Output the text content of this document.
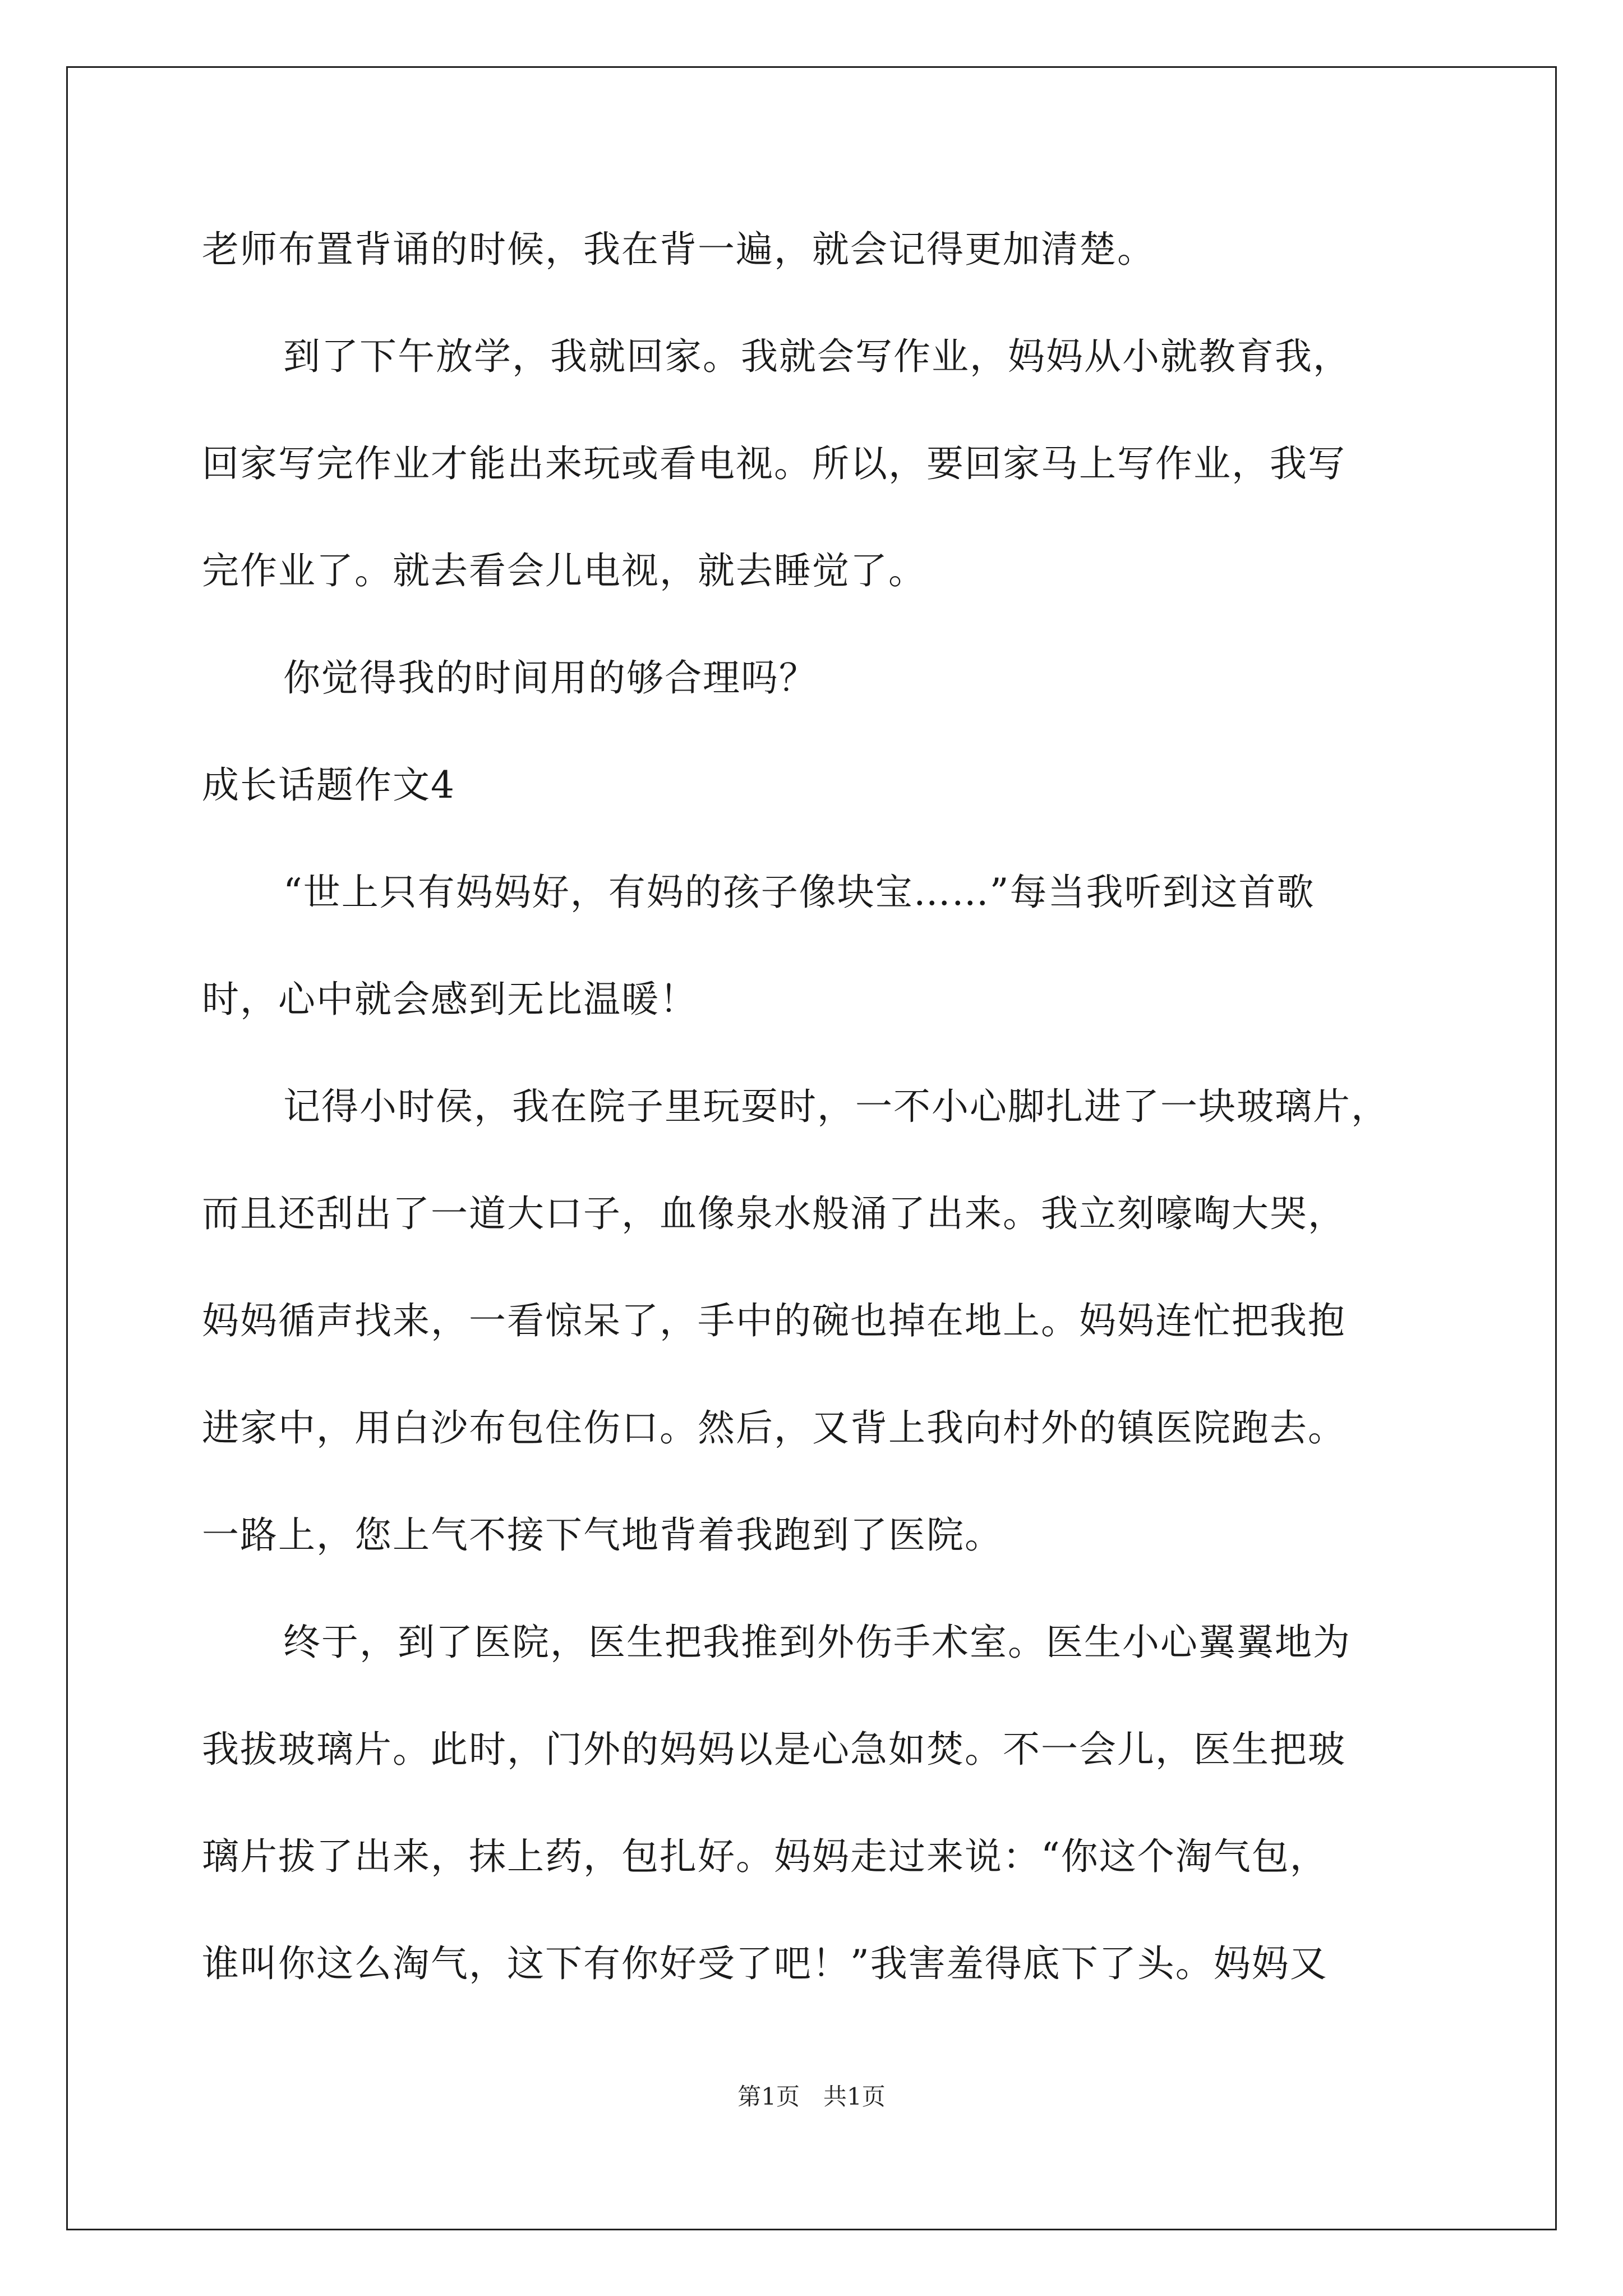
老师布置背诵的时候，我在背一遍，就会记得更加清楚。
到了下午放学，我就回家。我就会写作业，妈妈从小就教育我，
回家写完作业才能出来玩或看电视。所以，要回家马上写作业，我写
完作业了。就去看会儿电视，就去睡觉了。
你觉得我的时间用的够合理吗？
成长话题作文4
“世上只有妈妈好，有妈的孩子像块宝……”每当我听到这首歌
时，心中就会感到无比温暖！
记得小时侯，我在院子里玩耍时，一不小心脚扎进了一块玻璃片，
而且还刮出了一道大口子，血像泉水般涌了出来。我立刻嚎啕大哭，
妈妈循声找来，一看惊呆了，手中的碗也掉在地上。妈妈连忙把我抱
进家中，用白沙布包住伤口。然后，又背上我向村外的镇医院跑去。
一路上，您上气不接下气地背着我跑到了医院。
终于，到了医院，医生把我推到外伤手术室。医生小心翼翼地为
我拔玻璃片。此时，门外的妈妈以是心急如焚。不一会儿，医生把玻
璃片拔了出来，抹上药，包扎好。妈妈走过来说：“你这个淘气包，
谁叫你这么淘气，这下有你好受了吧！”我害羞得底下了头。妈妈又
第1页　共1页
